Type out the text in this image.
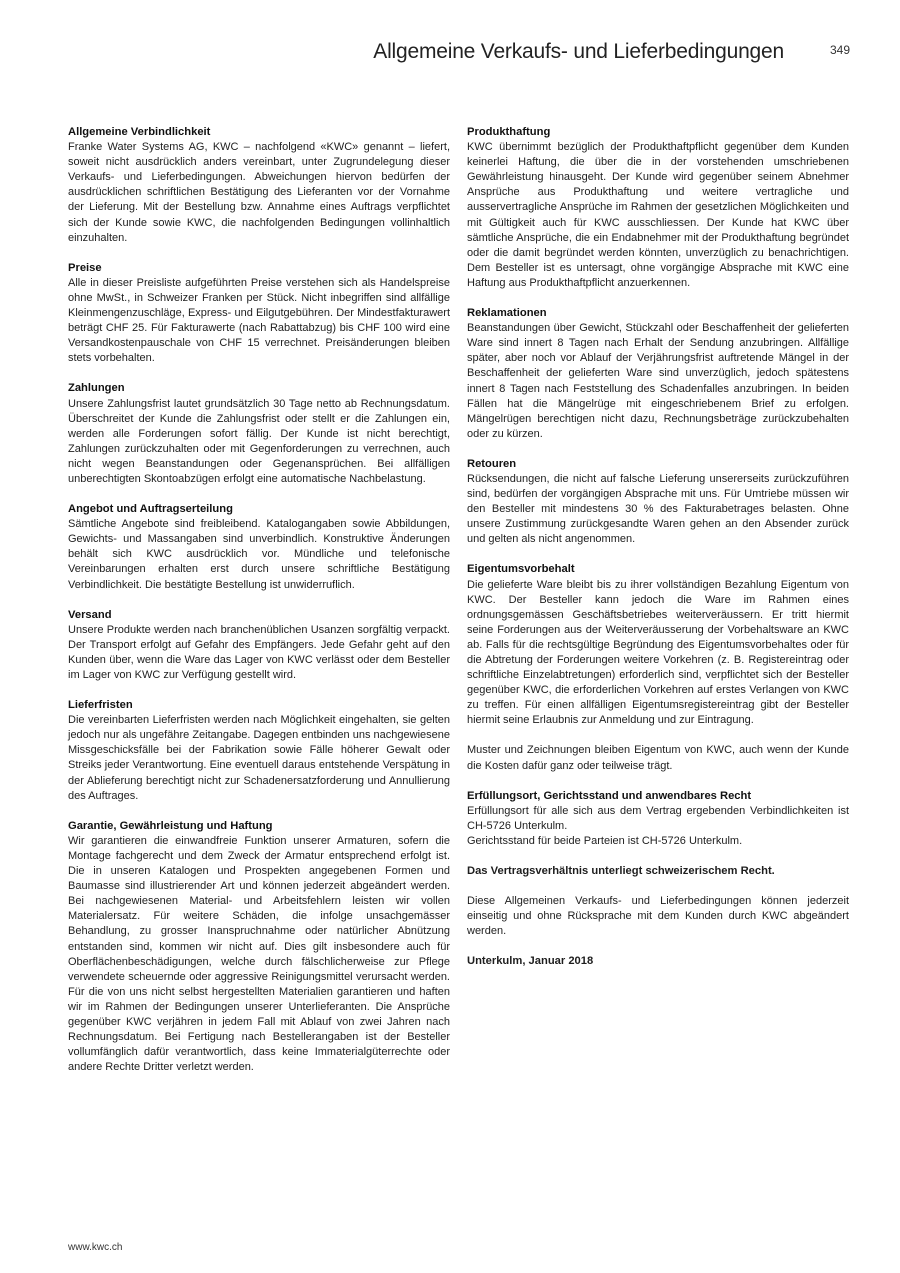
Allgemeine Verkaufs- und Lieferbedingungen	349
Allgemeine Verbindlichkeit

Franke Water Systems AG, KWC – nachfolgend «KWC» genannt – liefert, soweit nicht ausdrücklich anders vereinbart, unter Zugrundelegung dieser Verkaufs- und Lieferbedingungen. Abweichungen hiervon bedürfen der ausdrücklichen schriftlichen Bestätigung des Lieferanten vor der Vornahme der Lieferung. Mit der Bestellung bzw. Annahme eines Auftrags verpflichtet sich der Kunde sowie KWC, die nachfolgenden Bedingungen vollinhaltlich einzuhalten.

Preise

Alle in dieser Preisliste aufgeführten Preise verstehen sich als Handelspreise ohne MwSt., in Schweizer Franken per Stück. Nicht inbegriffen sind allfällige Kleinmengenzuschläge, Express- und Eilgutgebühren. Der Mindestfakturawert beträgt CHF 25. Für Fakturawerte (nach Rabattabzug) bis CHF 100 wird eine Versandkostenpauschale von CHF 15 verrechnet. Preisänderungen bleiben stets vorbehalten.

Zahlungen

Unsere Zahlungsfrist lautet grundsätzlich 30 Tage netto ab Rechnungsdatum. Überschreitet der Kunde die Zahlungsfrist oder stellt er die Zahlungen ein, werden alle Forderungen sofort fällig. Der Kunde ist nicht berechtigt, Zahlungen zurückzuhalten oder mit Gegenforderungen zu verrechnen, auch nicht wegen Beanstandungen oder Gegenansprüchen. Bei allfälligen unberechtigten Skontoabzügen erfolgt eine automatische Nachbelastung.

Angebot und Auftragserteilung

Sämtliche Angebote sind freibleibend. Katalogangaben sowie Abbildungen, Gewichts- und Massangaben sind unverbindlich. Konstruktive Änderungen behält sich KWC ausdrücklich vor. Mündliche und telefonische Vereinbarungen erhalten erst durch unsere schriftliche Bestätigung Verbindlichkeit. Die bestätigte Bestellung ist unwiderruflich.

Versand

Unsere Produkte werden nach branchenüblichen Usanzen sorgfältig verpackt. Der Transport erfolgt auf Gefahr des Empfängers. Jede Gefahr geht auf den Kunden über, wenn die Ware das Lager von KWC verlässt oder dem Besteller im Lager von KWC zur Verfügung gestellt wird.

Lieferfristen

Die vereinbarten Lieferfristen werden nach Möglichkeit eingehalten, sie gelten jedoch nur als ungefähre Zeitangabe. Dagegen entbinden uns nachgewiesene Missgeschicksfälle bei der Fabrikation sowie Fälle höherer Gewalt oder Streiks jeder Verantwortung. Eine eventuell daraus entstehende Verspätung in der Ablieferung berechtigt nicht zur Schadenersatzforderung und Annullierung des Auftrages.

Garantie, Gewährleistung und Haftung

Wir garantieren die einwandfreie Funktion unserer Armaturen, sofern die Montage fachgerecht und dem Zweck der Armatur entsprechend erfolgt ist. Die in unseren Katalogen und Prospekten angegebenen Formen und Baumasse sind illustrierender Art und können jederzeit abgeändert werden. Bei nachgewiesenen Material- und Arbeitsfehlern leisten wir vollen Materialersatz. Für weitere Schäden, die infolge unsachgemässer Behandlung, zu grosser Inanspruchnahme oder natürlicher Abnützung entstanden sind, kommen wir nicht auf. Dies gilt insbesondere auch für Oberflächenbeschädigungen, welche durch fälschlicherweise zur Pflege verwendete scheuernde oder aggressive Reinigungsmittel verursacht werden. Für die von uns nicht selbst hergestellten Materialien garantieren und haften wir im Rahmen der Bedingungen unserer Unterlieferanten. Die Ansprüche gegenüber KWC verjähren in jedem Fall mit Ablauf von zwei Jahren nach Rechnungsdatum. Bei Fertigung nach Bestellerangaben ist der Besteller vollumfänglich dafür verantwortlich, dass keine Immaterialgüterrechte oder andere Rechte Dritter verletzt werden.

Produkthaftung

KWC übernimmt bezüglich der Produkthaftpflicht gegenüber dem Kunden keinerlei Haftung, die über die in der vorstehenden umschriebenen Gewährleistung hinausgeht. Der Kunde wird gegenüber seinem Abnehmer Ansprüche aus Produkthaftung und weitere vertragliche und ausservertragliche Ansprüche im Rahmen der gesetzlichen Möglichkeiten und mit Gültigkeit auch für KWC ausschliessen. Der Kunde hat KWC über sämtliche Ansprüche, die ein Endabnehmer mit der Produkthaftung begründet oder die damit begründet werden könnten, unverzüglich zu benachrichtigen. Dem Besteller ist es untersagt, ohne vorgängige Absprache mit KWC eine Haftung aus Produkthaftpflicht anzuerkennen.

Reklamationen

Beanstandungen über Gewicht, Stückzahl oder Beschaffenheit der gelieferten Ware sind innert 8 Tagen nach Erhalt der Sendung anzubringen. Allfällige später, aber noch vor Ablauf der Verjährungsfrist auftretende Mängel in der Beschaffenheit der gelieferten Ware sind unverzüglich, jedoch spätestens innert 8 Tagen nach Feststellung des Schadenfalles anzubringen. In beiden Fällen hat die Mängelrüge mit eingeschriebenem Brief zu erfolgen. Mängelrügen berechtigen nicht dazu, Rechnungsbeträge zurückzubehalten oder zu kürzen.

Retouren

Rücksendungen, die nicht auf falsche Lieferung unsererseits zurückzuführen sind, bedürfen der vorgängigen Absprache mit uns. Für Umtriebe müssen wir den Besteller mit mindestens 30 % des Fakturabetrages belasten. Ohne unsere Zustimmung zurückgesandte Waren gehen an den Absender zurück und gelten als nicht angenommen.

Eigentumsvorbehalt

Die gelieferte Ware bleibt bis zu ihrer vollständigen Bezahlung Eigentum von KWC. Der Besteller kann jedoch die Ware im Rahmen eines ordnungsgemässen Geschäftsbetriebes weiterveräussern. Er tritt hiermit seine Forderungen aus der Weiterveräusserung der Vorbehaltsware an KWC ab. Falls für die rechtsgültige Begründung des Eigentumsvorbehaltes oder für die Abtretung der Forderungen weitere Vorkehren (z. B. Registereintrag oder schriftliche Einzelabtretungen) erforderlich sind, verpflichtet sich der Besteller gegenüber KWC, die erforderlichen Vorkehren auf erstes Verlangen von KWC zu treffen. Für einen allfälligen Eigentumsregistereintrag gibt der Besteller hiermit seine Erlaubnis zur Anmeldung und zur Eintragung.

Muster und Zeichnungen bleiben Eigentum von KWC, auch wenn der Kunde die Kosten dafür ganz oder teilweise trägt.

Erfüllungsort, Gerichtsstand und anwendbares Recht

Erfüllungsort für alle sich aus dem Vertrag ergebenden Verbindlichkeiten ist CH-5726 Unterkulm.

Gerichtsstand für beide Parteien ist CH-5726 Unterkulm.

Das Vertragsverhältnis unterliegt schweizerischem Recht.

Diese Allgemeinen Verkaufs- und Lieferbedingungen können jederzeit einseitig und ohne Rücksprache mit dem Kunden durch KWC abgeändert werden.

Unterkulm, Januar 2018

www.kwc.ch
